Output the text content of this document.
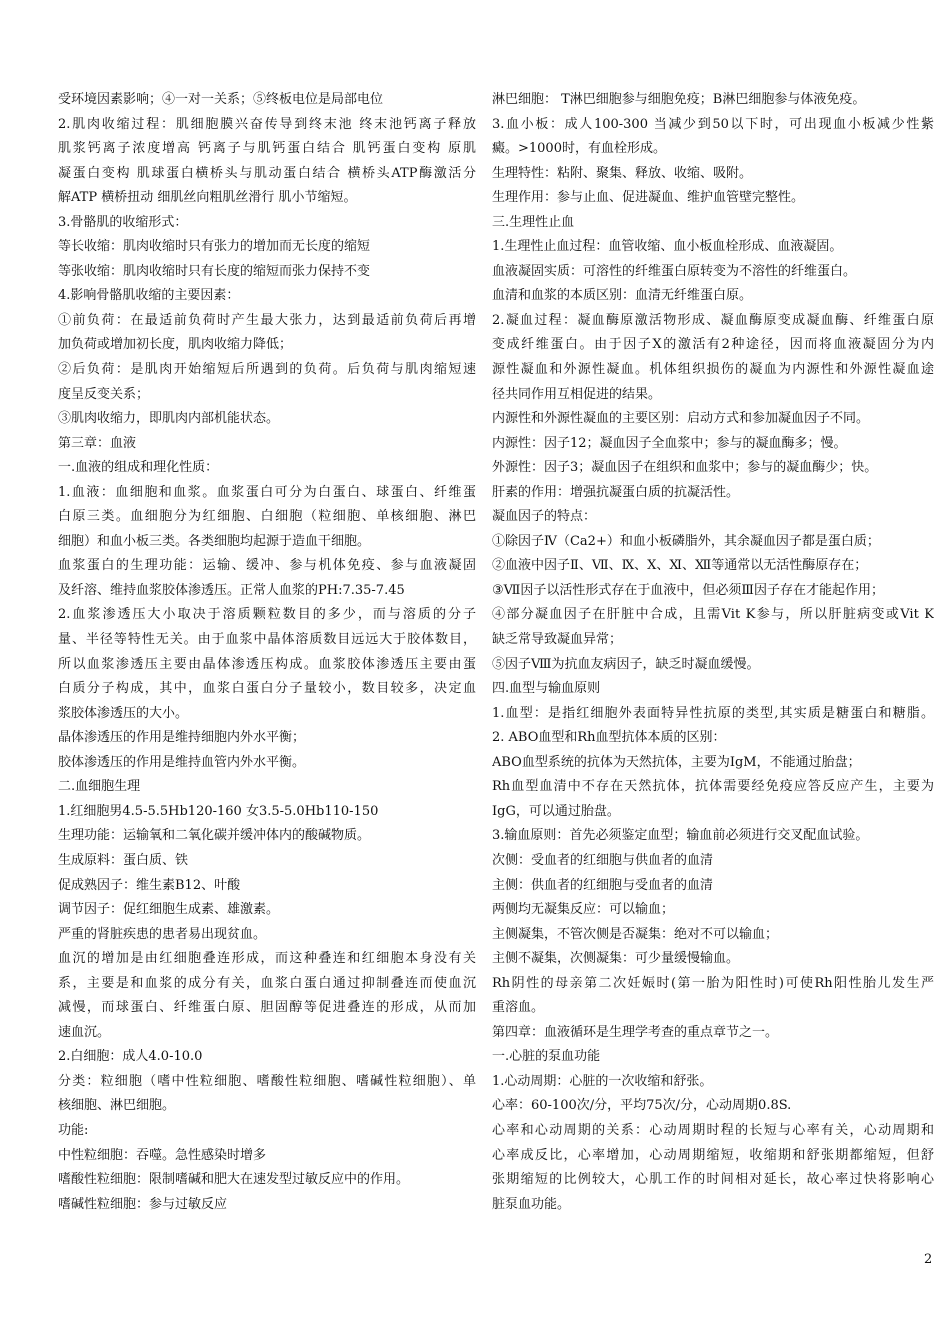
受环境因素影响；④一对一关系；⑤终板电位是局部电位
2.肌肉收缩过程：肌细胞膜兴奋传导到终末池 终末池钙离子释放
肌浆钙离子浓度增高 钙离子与肌钙蛋白结合 肌钙蛋白变构 原肌
凝蛋白变构 肌球蛋白横桥头与肌动蛋白结合 横桥头ATP酶激活分
解ATP 横桥扭动 细肌丝向粗肌丝滑行 肌小节缩短。
3.骨骼肌的收缩形式：
等长收缩：肌肉收缩时只有张力的增加而无长度的缩短
等张收缩：肌肉收缩时只有长度的缩短而张力保持不变
4.影响骨骼肌收缩的主要因素：
①前负荷：在最适前负荷时产生最大张力，达到最适前负荷后再增
加负荷或增加初长度，肌肉收缩力降低；
②后负荷：是肌肉开始缩短后所遇到的负荷。后负荷与肌肉缩短速
度呈反变关系；
③肌肉收缩力，即肌肉内部机能状态。
第三章：血液
一.血液的组成和理化性质：
1.血液：血细胞和血浆。血浆蛋白可分为白蛋白、球蛋白、纤维蛋
白原三类。血细胞分为红细胞、白细胞（粒细胞、单核细胞、淋巴
细胞）和血小板三类。各类细胞均起源于造血干细胞。
血浆蛋白的生理功能：运输、缓冲、参与机体免疫、参与血液凝固
及纤溶、维持血浆胶体渗透压。正常人血浆的PH:7.35-7.45
2.血浆渗透压大小取决于溶质颗粒数目的多少，而与溶质的分子
量、半径等特性无关。由于血浆中晶体溶质数目远远大于胶体数目，
所以血浆渗透压主要由晶体渗透压构成。血浆胶体渗透压主要由蛋
白质分子构成，其中，血浆白蛋白分子量较小，数目较多，决定血
浆胶体渗透压的大小。
晶体渗透压的作用是维持细胞内外水平衡；
胶体渗透压的作用是维持血管内外水平衡。
二.血细胞生理
1.红细胞男4.5-5.5Hb120-160 女3.5-5.0Hb110-150
生理功能：运输氧和二氧化碳并缓冲体内的酸碱物质。
生成原料：蛋白质、铁
促成熟因子：维生素B12、叶酸
调节因子：促红细胞生成素、雄激素。
严重的肾脏疾患的患者易出现贫血。
血沉的增加是由红细胞叠连形成，而这种叠连和红细胞本身没有关
系，主要是和血浆的成分有关，血浆白蛋白通过抑制叠连而使血沉
减慢，而球蛋白、纤维蛋白原、胆固醇等促进叠连的形成，从而加
速血沉。
2.白细胞：成人4.0-10.0
分类：粒细胞（嗜中性粒细胞、嗜酸性粒细胞、嗜碱性粒细胞）、单
核细胞、淋巴细胞。
功能:
中性粒细胞：吞噬。急性感染时增多
嗜酸性粒细胞：限制嗜碱和肥大在速发型过敏反应中的作用。
嗜碱性粒细胞：参与过敏反应
淋巴细胞： T淋巴细胞参与细胞免疫；B淋巴细胞参与体液免疫。
3.血小板：成人100-300 当减少到50以下时，可出现血小板减少性紫
癜。>1000时，有血栓形成。
生理特性：粘附、聚集、释放、收缩、吸附。
生理作用：参与止血、促进凝血、维护血管壁完整性。
三.生理性止血
1.生理性止血过程：血管收缩、血小板血栓形成、血液凝固。
血液凝固实质：可溶性的纤维蛋白原转变为不溶性的纤维蛋白。
血清和血浆的本质区别：血清无纤维蛋白原。
2.凝血过程：凝血酶原激活物形成、凝血酶原变成凝血酶、纤维蛋白原
变成纤维蛋白。由于因子X的激活有2种途径，因而将血液凝固分为内
源性凝血和外源性凝血。机体组织损伤的凝血为内源性和外源性凝血途
径共同作用互相促进的结果。
内源性和外源性凝血的主要区别：启动方式和参加凝血因子不同。
内源性：因子12；凝血因子全血浆中；参与的凝血酶多；慢。
外源性：因子3；凝血因子在组织和血浆中；参与的凝血酶少；快。
肝素的作用：增强抗凝蛋白质的抗凝活性。
凝血因子的特点：
①除因子Ⅳ（Ca2+）和血小板磷脂外，其余凝血因子都是蛋白质；
②血液中因子Ⅱ、Ⅶ、Ⅸ、Ⅹ、Ⅺ、Ⅻ等通常以无活性酶原存在；
③Ⅶ因子以活性形式存在于血液中，但必须Ⅲ因子存在才能起作用；
④部分凝血因子在肝脏中合成，且需Vit K参与，所以肝脏病变或Vit K
缺乏常导致凝血异常；
⑤因子Ⅷ为抗血友病因子，缺乏时凝血缓慢。
四.血型与输血原则
1.血型：是指红细胞外表面特异性抗原的类型,其实质是糖蛋白和糖脂。
2. ABO血型和Rh血型抗体本质的区别：
ABO血型系统的抗体为天然抗体，主要为IgM，不能通过胎盘；
Rh血型血清中不存在天然抗体，抗体需要经免疫应答反应产生，主要为
IgG，可以通过胎盘。
3.输血原则：首先必须鉴定血型；输血前必须进行交叉配血试验。
次侧：受血者的红细胞与供血者的血清
主侧：供血者的红细胞与受血者的血清
两侧均无凝集反应：可以输血；
主侧凝集，不管次侧是否凝集：绝对不可以输血；
主侧不凝集，次侧凝集：可少量缓慢输血。
Rh阴性的母亲第二次妊娠时(第一胎为阳性时)可使Rh阳性胎儿发生严
重溶血。
第四章：血液循环是生理学考查的重点章节之一。
一.心脏的泵血功能
1.心动周期：心脏的一次收缩和舒张。
心率：60-100次/分，平均75次/分，心动周期0.8S.
心率和心动周期的关系：心动周期时程的长短与心率有关，心动周期和
心率成反比，心率增加，心动周期缩短，收缩期和舒张期都缩短，但舒
张期缩短的比例较大，心肌工作的时间相对延长，故心率过快将影响心
脏泵血功能。
2
